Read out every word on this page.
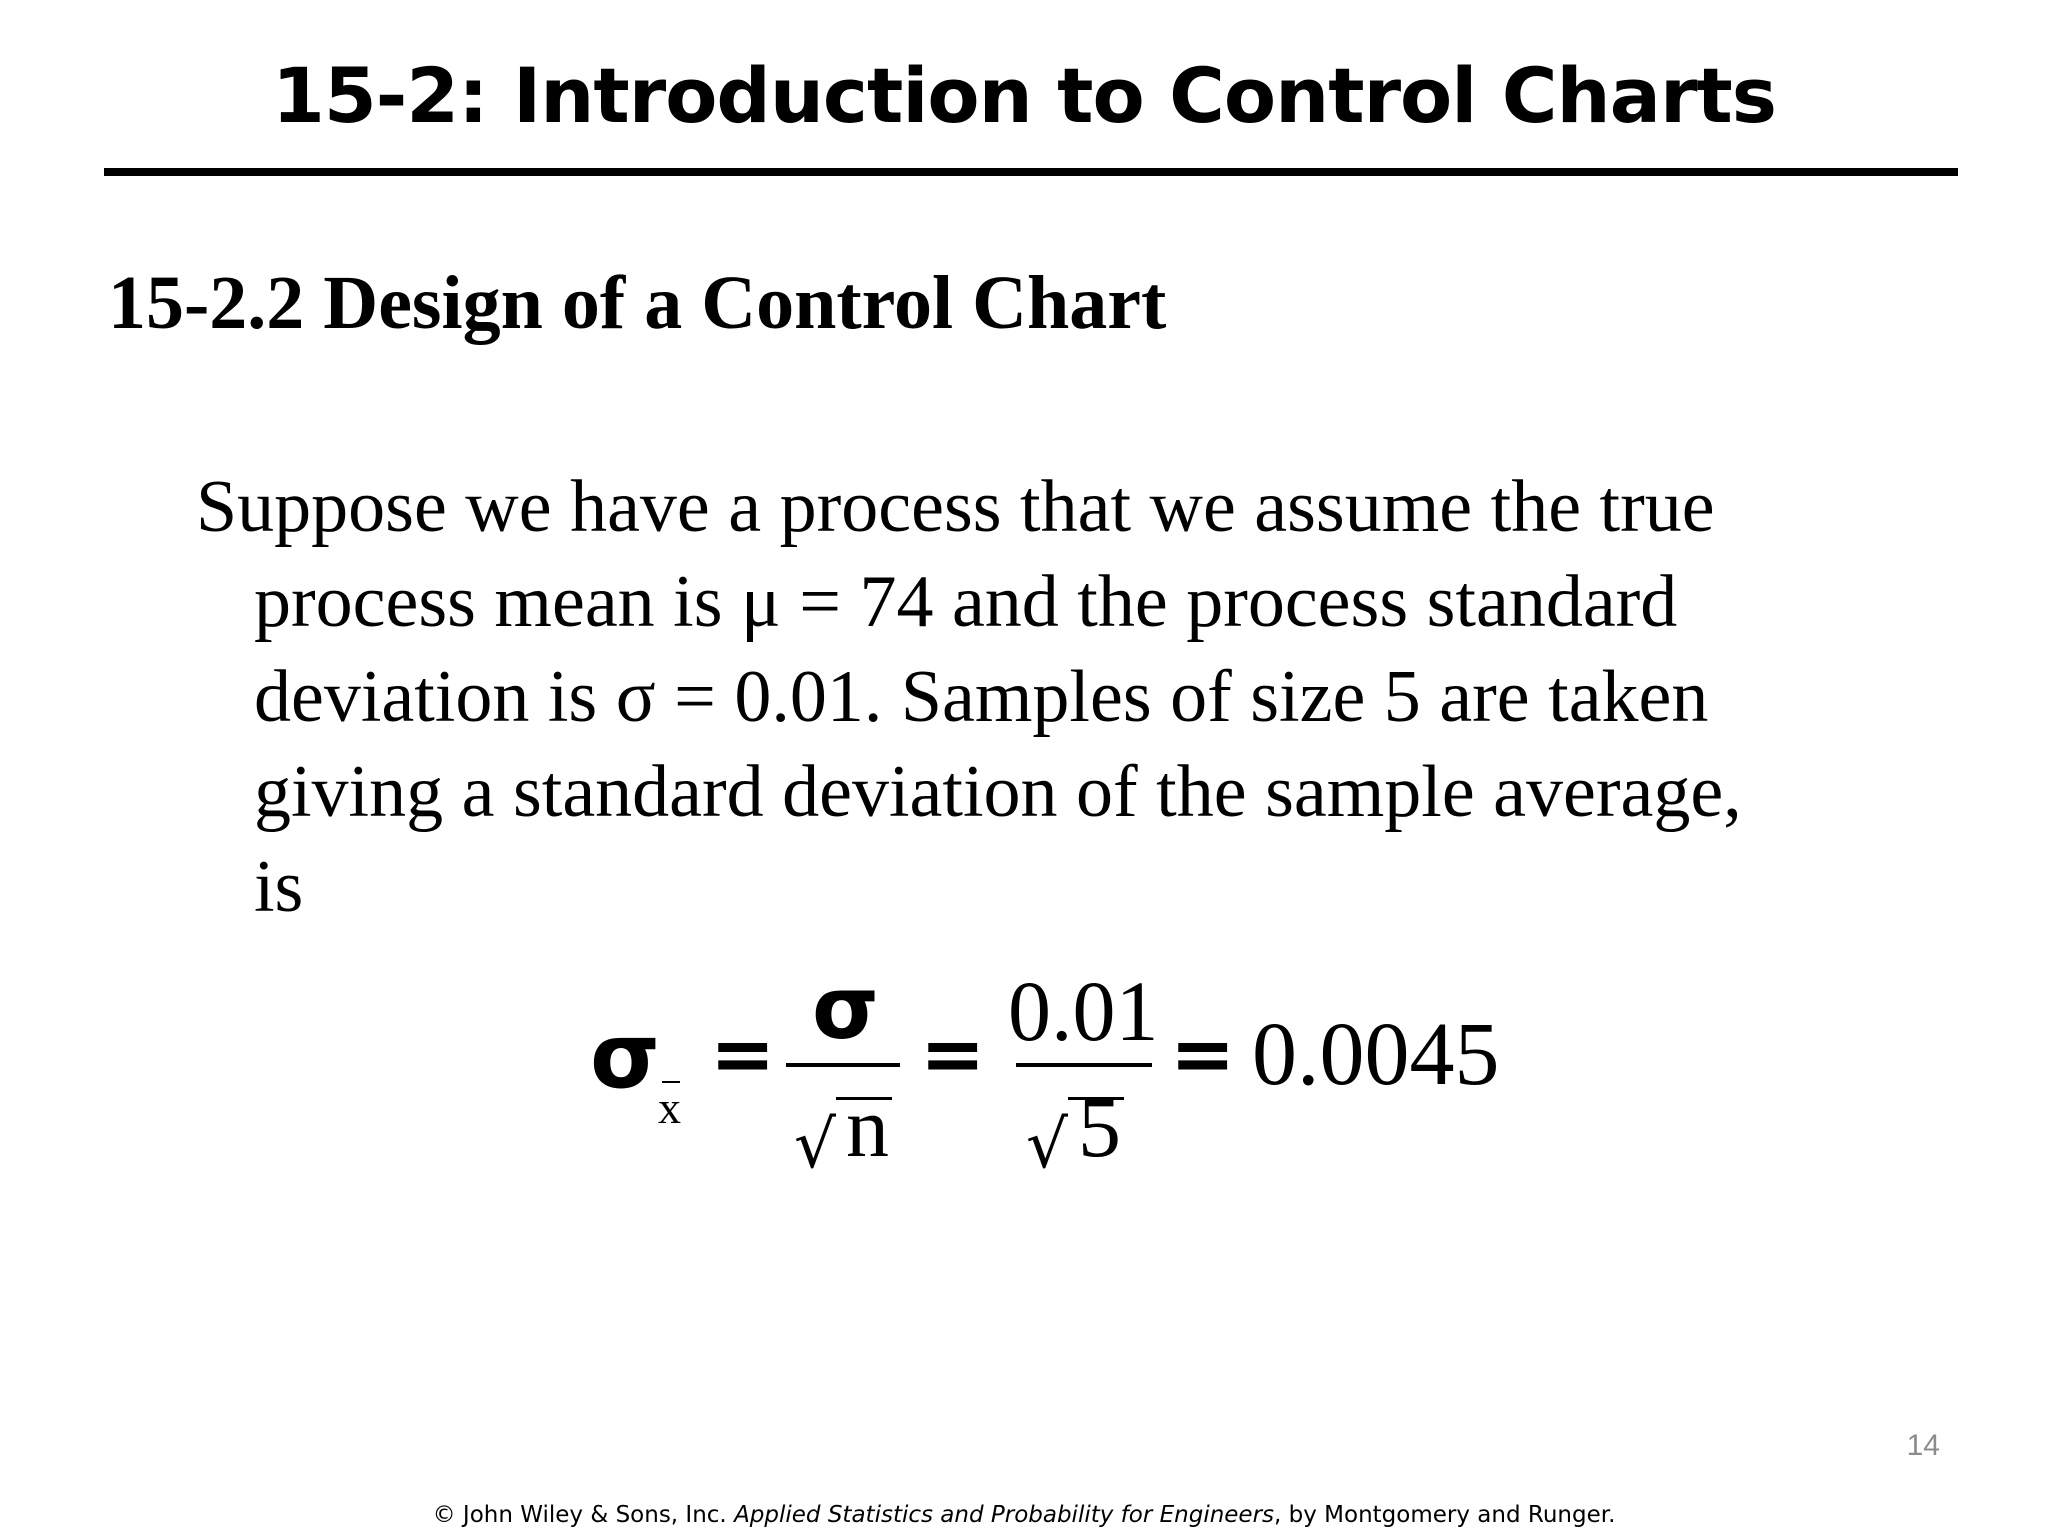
15-2: Introduction to Control Charts
15-2.2 Design of a Control Chart

Suppose we have a process that we assume the true
process mean is μ = 74 and the process standard
deviation is σ = 0.01. Samples of size 5 are taken
giving a standard deviation of the sample average,
is

σ
x
= σ
√ n
= 0.01
√ 5
= 0.0045
14
© John Wiley & Sons, Inc. Applied Statistics and Probability for Engineers, by Montgomery and Runger.
